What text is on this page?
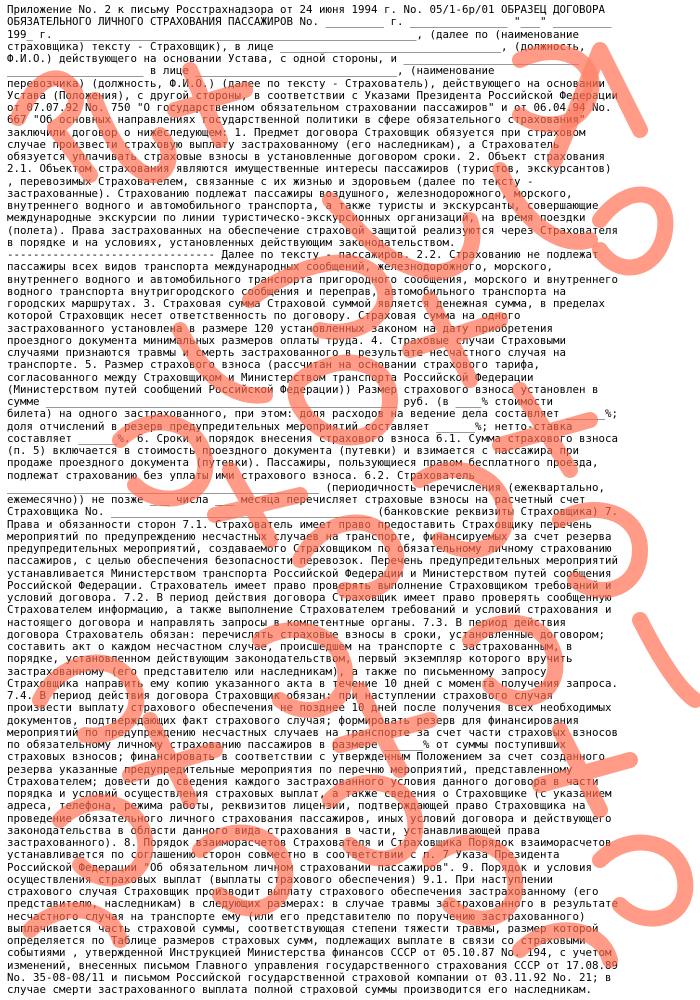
Приложение No. 2 к письму Росстрахнадзора от 24 июня 1994 г. No. 05/1-6р/01 ОБРАЗЕЦ ДОГОВОРА
ОБЯЗАТЕЛЬНОГО ЛИЧНОГО СТРАХОВАНИЯ ПАССАЖИРОВ No. _________ г. _______________ "___" _________
199_ г. _______________________________________________________, (далее по (наименование
страховщика) тексту - Страховщик), в лице __________________________________, (должность,
Ф.И.О.) действующего на основании Устава, с одной стороны, и ___________________________
_____________________ в лице _______________________________, (наименование
перевозчика) (должность, Ф.И.О.) (далее по тексту - Страхователь), действующего на основании
Устава (Положения), с другой стороны, в соответствии с Указами Президента Российской Федерации
от 07.07.92 No. 750 "О государственном обязательном страховании пассажиров" и от 06.04.94 No.
667 "Об основных направлениях государственной политики в сфере обязательного страхования"
заключили договор о нижеследующем: 1. Предмет договора Страховщик обязуется при страховом
случае произвести страховую выплату застрахованному (его наследникам), а Страхователь
обязуется уплачивать страховые взносы в установленные договором сроки. 2. Объект страхования
2.1. Объектом страхования являются имущественные интересы пассажиров (туристов, экскурсантов)
, перевозимых Страхователем, связанные с их жизнью и здоровьем (далее по тексту -
застрахованные). Страхованию подлежат пассажиры воздушного, железнодорожного, морского,
внутреннего водного и автомобильного транспорта, а также туристы и экскурсанты, совершающие
международные экскурсии по линии туристическо-экскурсионных организаций, на время поездки
(полета). Права застрахованных на обеспечение страховой защитой реализуются через Страхователя
в порядке и на условиях, установленных действующим законодательством.
-------------------------------- Далее по тексту - пассажиров. 2.2. Страхованию не подлежат
пассажиры всех видов транспорта международных сообщений, железнодорожного, морского,
внутреннего водного и автомобильного транспорта пригородного сообщения, морского и внутреннего
водного транспорта внутригородского сообщения и переправ, автомобильного транспорта на
городских маршрутах. 3. Страховая сумма Страховой суммой является денежная сумма, в пределах
которой Страховщик несет ответственность по договору. Страховая сумма на одного
застрахованного установлена в размере 120 установленных законом на дату приобретения
проездного документа минимальных размеров оплаты труда. 4. Страховые случаи Страховыми
случаями признаются травмы и смерть застрахованного в результате несчастного случая на
транспорте. 5. Размер страхового взноса (рассчитан на основании страхового тарифа,
согласованного между Страховщиком и Министерством транспорта Российской Федерации
(Министерством путей сообщений Российской Федерации)) Размер страхового взноса установлен в
сумме ______________________________________________________ руб. (в ____% стоимости
билета) на одного застрахованного, при этом: доля расходов на ведение дела составляет ______%;
доля отчислений в резерв предупредительных мероприятий составляет ______%; нетто-ставка
составляет ______%. 6. Сроки и порядок внесения страхового взноса 6.1. Сумма страхового взноса
(п. 5) включается в стоимость проездного документа (путевки) и взимается с пассажира при
продаже проездного документа (путевки). Пассажиры, пользующиеся правом бесплатного проезда,
подлежат страхованию без уплаты ими страхового взноса. 6.2. Страхователь
________________________________________________ (периодичность перечисления (ежеквартально,
ежемесячно)) не позже ___ числа ___ месяца перечисляет страховые взносы на расчетный счет
Страховщика No. ________________________________________ (банковские реквизиты Страховщика) 7.
Права и обязанности сторон 7.1. Страхователь имеет право предоставить Страховщику перечень
мероприятий по предупреждению несчастных случаев на транспорте, финансируемых за счет резерва
предупредительных мероприятий, создаваемого Страховщиком по обязательному личному страхованию
пассажиров, с целью обеспечения безопасности перевозок. Перечень предупредительных мероприятий
устанавливается Министерством транспорта Российской Федерации и Министерством путей сообщения
Российской Федерации. Страхователь имеет право проверять выполнение Страховщиком требований и
условий договора. 7.2. В период действия договора Страховщик имеет право проверять сообщенную
Страхователем информацию, а также выполнение Страхователем требований и условий страхования и
настоящего договора и направлять запросы в компетентные органы. 7.3. В период действия
договора Страхователь обязан: перечислять страховые взносы в сроки, установленные договором;
составить акт о каждом несчастном случае, происшедшем на транспорте с застрахованным, в
порядке, установленном действующим законодательством, первый экземпляр которого вручить
застрахованному (его представителю или наследникам), а также по письменному запросу
Страховщика направить ему копию указанного акта в течение 10 дней с момента получения запроса.
7.4. В период действия договора Страховщик обязан: при наступлении страхового случая
произвести выплату страхового обеспечения не позднее 10 дней после получения всех необходимых
документов, подтверждающих факт страхового случая; формировать резерв для финансирования
мероприятий по предупреждению несчастных случаев на транспорте за счет части страховых взносов
по обязательному личному страхованию пассажиров в размере ______% от суммы поступивших
страховых взносов; финансировать в соответствии с утвержденным Положением за счет созданного
резерва указанные предупредительные мероприятия по перечню мероприятий, представленному
Страхователем; довести до сведения каждого застрахованного условия данного договора в части
порядка и условий осуществления страховых выплат, а также сведения о Страховщике (с указанием
адреса, телефона, режима работы, реквизитов лицензии, подтверждающей право Страховщика на
проведение обязательного личного страхования пассажиров, иных условий договора и действующего
законодательства в области данного вида страхования в части, устанавливающей права
застрахованного). 8. Порядок взаиморасчетов Страхователя и Страховщика Порядок взаиморасчетов
устанавливается по соглашению сторон совместно в соответствии с п. 7 Указа Президента
Российской Федерации "Об обязательном личном страховании пассажиров". 9. Порядок и условия
осуществления страховых выплат (выплаты страхового обеспечения) 9.1. При наступлении
страхового случая Страховщик производит выплату страхового обеспечения застрахованному (его
представителю, наследникам) в следующих размерах: в случае травмы застрахованного в результате
несчастного случая на транспорте ему (или его представителю по поручению застрахованного)
выплачивается часть страховой суммы, соответствующая степени тяжести травмы, размер которой
определяется по Таблице размеров страховых сумм, подлежащих выплате в связи со страховыми
событиями , утвержденной Инструкцией Министерства финансов СССР от 05.10.87 No. 194, с учетом
изменений, внесенных письмом Главного управления государственного страхования СССР от 17.08.89
No. 35-08-08/11 и письмом Российской государственной страховой компании от 03.11.92 No. 21; в
случае смерти застрахованного выплата полной страховой суммы производится его наследникам.
